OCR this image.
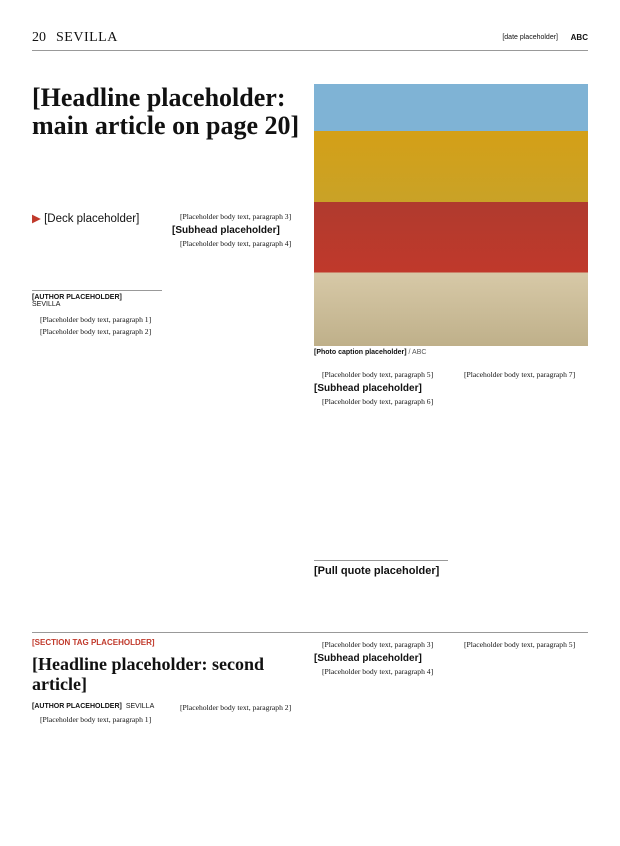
20 SEVILLA	[date placeholder] ABC
[Headline placeholder: main article on page 20]
▶ [Deck placeholder]
[AUTHOR PLACEHOLDER]
SEVILLA

[Placeholder body text, paragraph 1]

[Placeholder body text, paragraph 2]

[Placeholder body text, paragraph 3]

[Subhead placeholder]

[Placeholder body text, paragraph 4]

[Photo caption placeholder] / ABC

[Placeholder body text, paragraph 5]

[Subhead placeholder]

[Placeholder body text, paragraph 6]

[Pull quote placeholder]

[Placeholder body text, paragraph 7]

[SECTION TAG PLACEHOLDER]
[Headline placeholder: second article]
[AUTHOR PLACEHOLDER] SEVILLA

[Placeholder body text, paragraph 1]

[Placeholder body text, paragraph 2]

[Placeholder body text, paragraph 3]

[Subhead placeholder]

[Placeholder body text, paragraph 4]

[Placeholder body text, paragraph 5]
